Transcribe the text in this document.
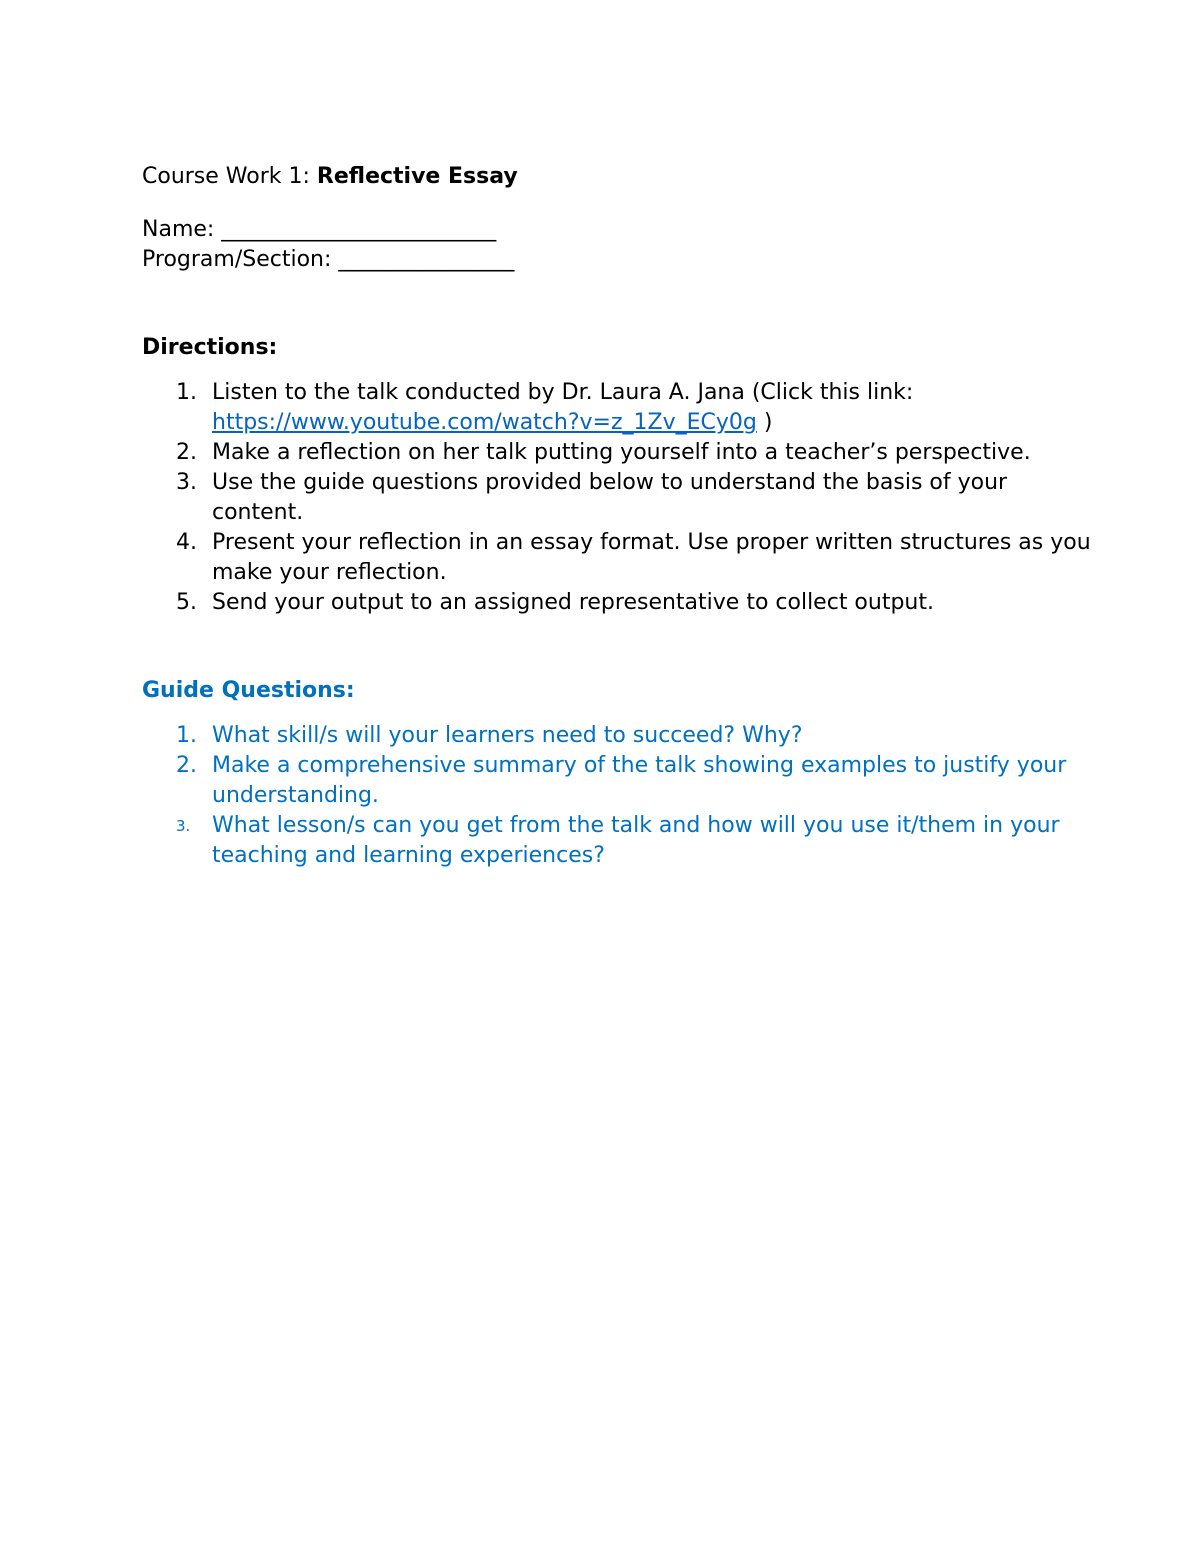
Course Work 1: Reflective Essay

Name: _________________________

Program/Section: ________________

Directions:

1. Listen to the talk conducted by Dr. Laura A. Jana (Click this link: https://www.youtube.com/watch?v=z_1Zv_ECy0g )
2. Make a reflection on her talk putting yourself into a teacher’s perspective.
3. Use the guide questions provided below to understand the basis of your content.
4. Present your reflection in an essay format. Use proper written structures as you make your reflection.
5. Send your output to an assigned representative to collect output.

Guide Questions:

1. What skill/s will your learners need to succeed? Why?
2. Make a comprehensive summary of the talk showing examples to justify your understanding.
3. What lesson/s can you get from the talk and how will you use it/them in your teaching and learning experiences?
